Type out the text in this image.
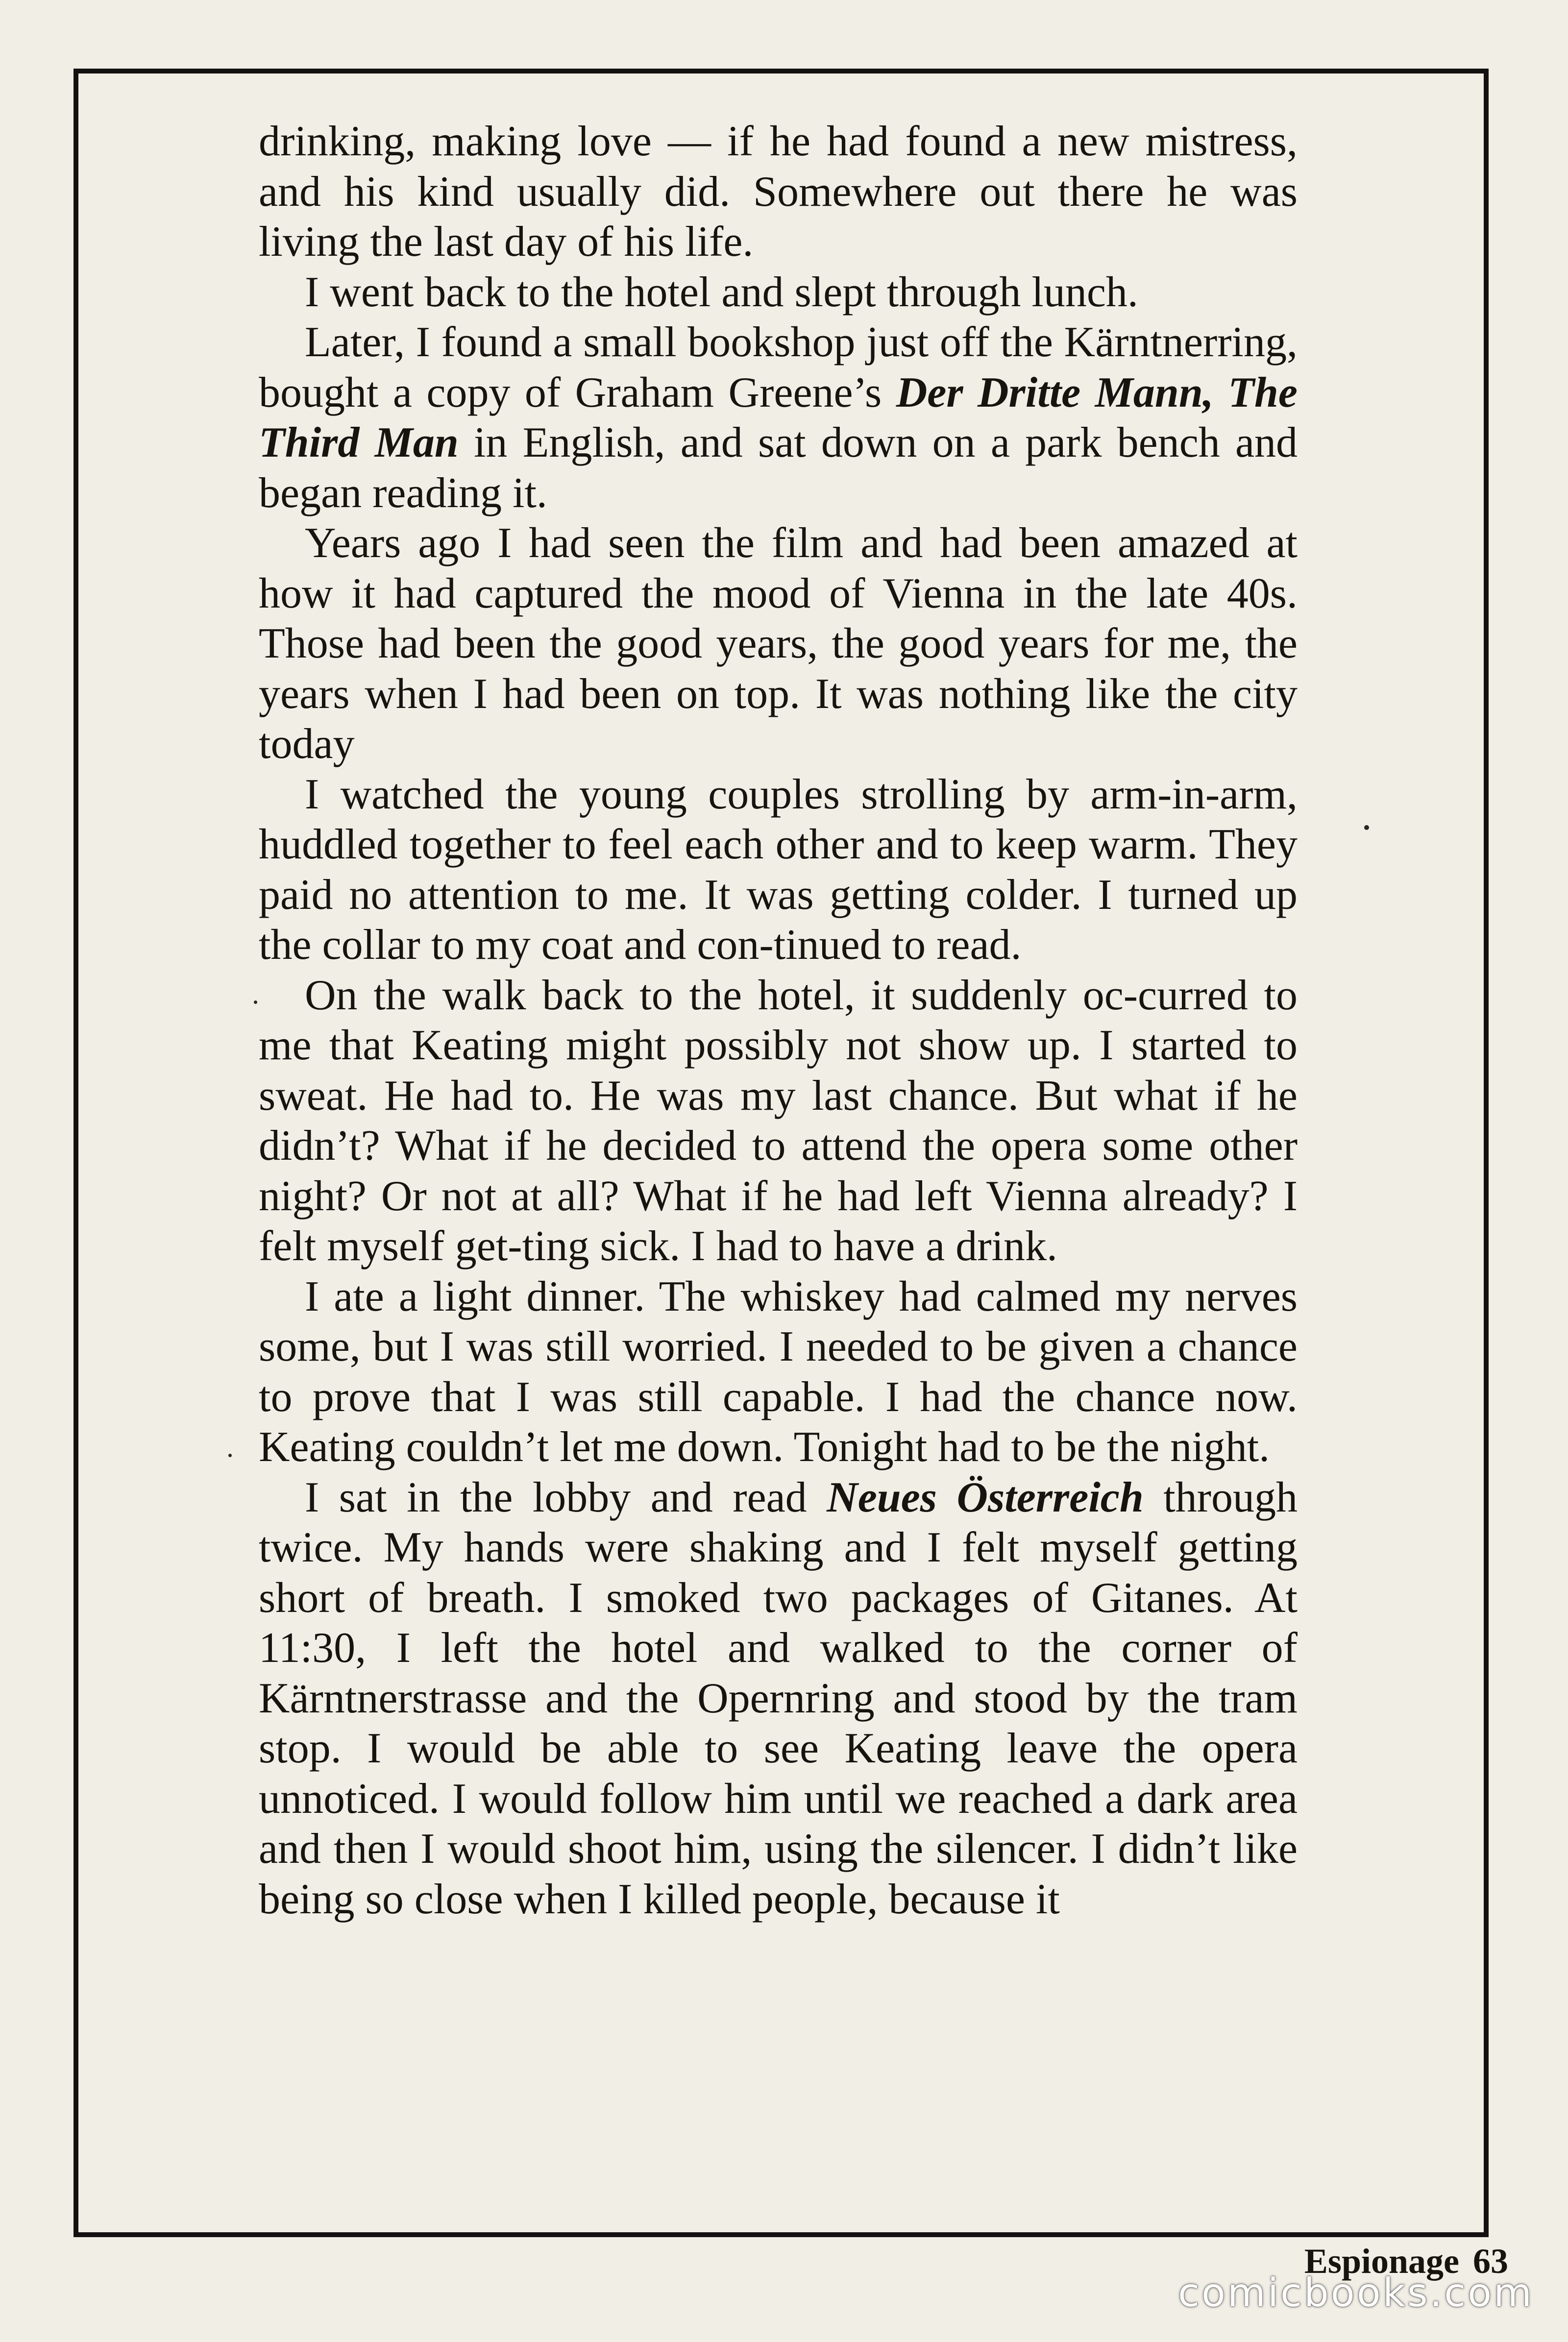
drinking, making love — if he had found a new mistress, and his kind usually did. Somewhere out there he was living the last day of his life.

I went back to the hotel and slept through lunch.

Later, I found a small bookshop just off the Kärntnerring, bought a copy of Graham Greene’s Der Dritte Mann, The Third Man in English, and sat down on a park bench and began reading it.

Years ago I had seen the film and had been amazed at how it had captured the mood of Vienna in the late 40s. Those had been the good years, the good years for me, the years when I had been on top. It was nothing like the city today

I watched the young couples strolling by arm-in-arm, huddled together to feel each other and to keep warm. They paid no attention to me. It was getting colder. I turned up the collar to my coat and con-tinued to read.

On the walk back to the hotel, it suddenly oc-curred to me that Keating might possibly not show up. I started to sweat. He had to. He was my last chance. But what if he didn’t? What if he decided to attend the opera some other night? Or not at all? What if he had left Vienna already? I felt myself get-ting sick. I had to have a drink.

I ate a light dinner. The whiskey had calmed my nerves some, but I was still worried. I needed to be given a chance to prove that I was still capable. I had the chance now. Keating couldn’t let me down. Tonight had to be the night.

I sat in the lobby and read Neues Österreich through twice. My hands were shaking and I felt myself getting short of breath. I smoked two packages of Gitanes. At 11:30, I left the hotel and walked to the corner of Kärntnerstrasse and the Opernring and stood by the tram stop. I would be able to see Keating leave the opera unnoticed. I would follow him until we reached a dark area and then I would shoot him, using the silencer. I didn’t like being so close when I killed people, because it

Espionage 63
comicbooks.com
